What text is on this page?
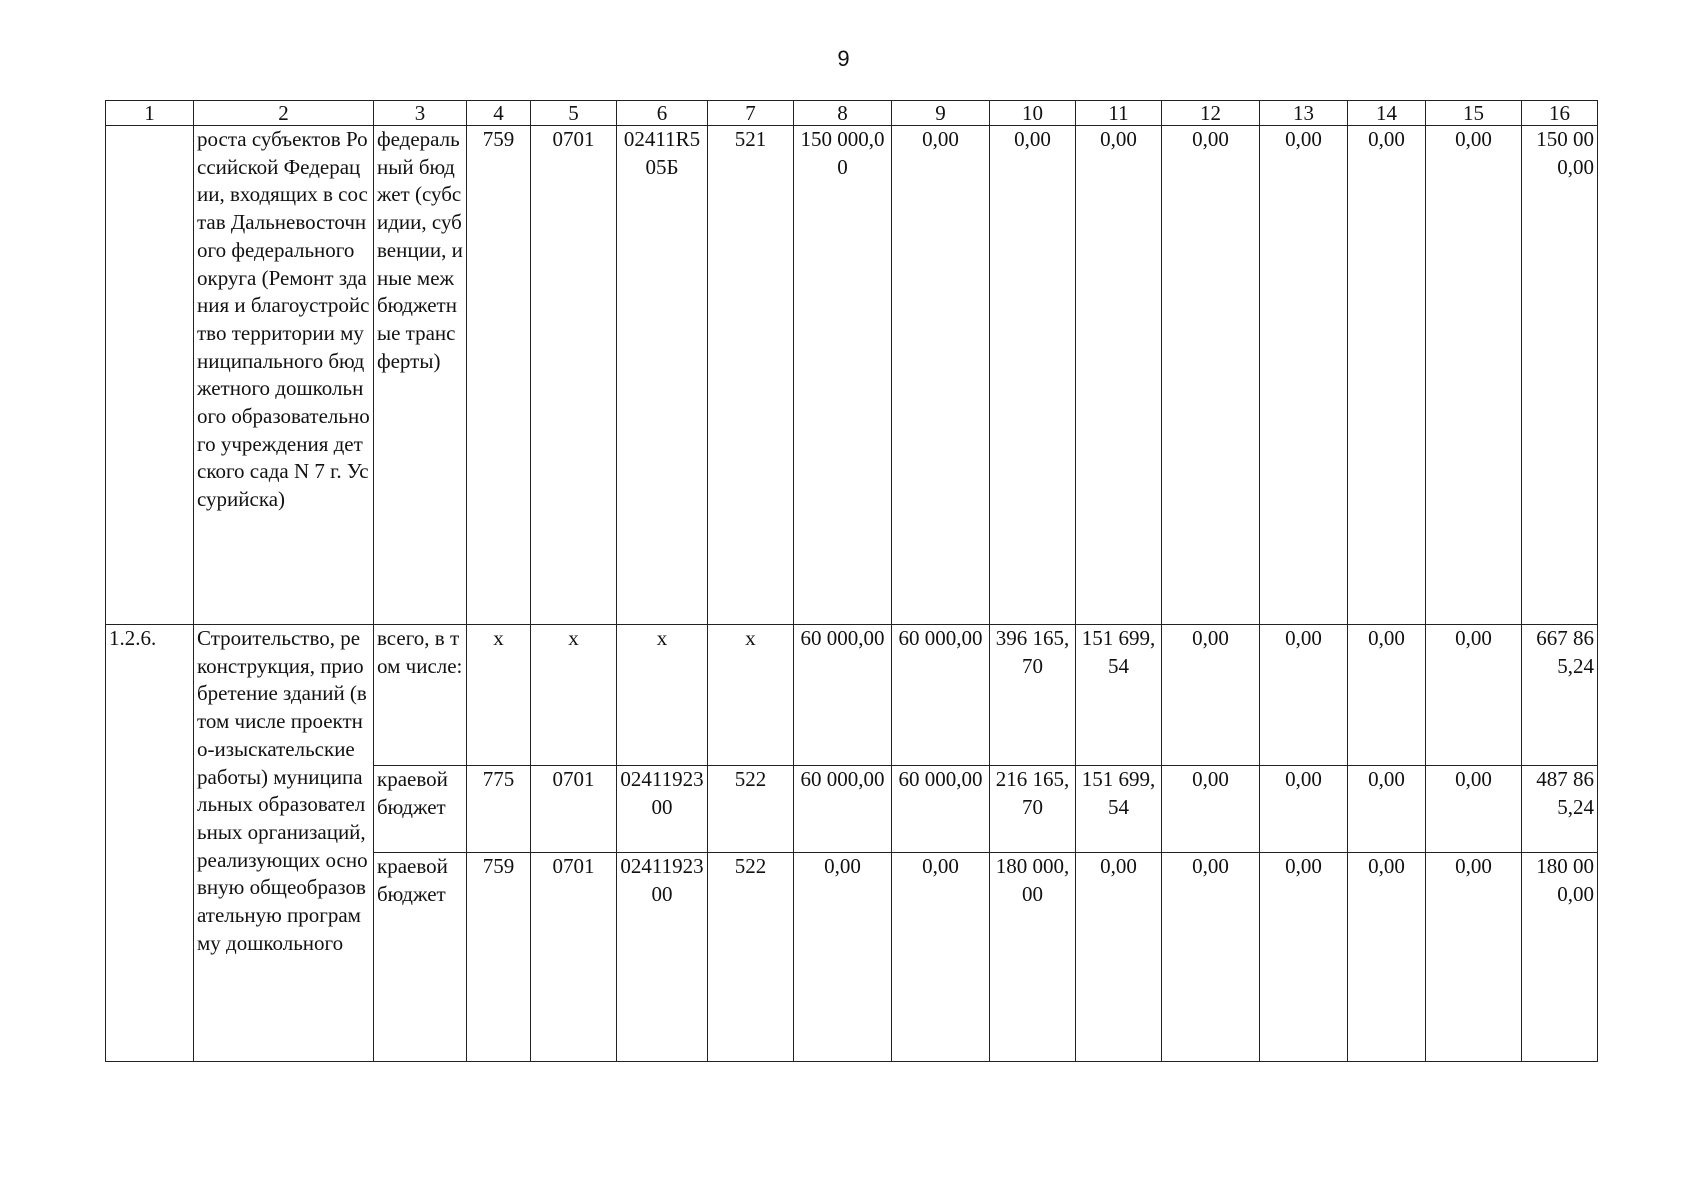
9
1	2	3	4	5	6	7	8	9	10	11	12	13	14	15	16
	роста субъектов Российской Федерации, входящих в состав Дальневосточного федерального округа (Ремонт здания и благоустройство территории муниципального бюджетного дошкольного образовательного учреждения детского сада N 7 г. Уссурийска)	федеральный бюджет (субсидии, субвенции, иные межбюджетные трансферты)	759	0701	02411R505Б	521	150 000,00	0,00	0,00	0,00	0,00	0,00	0,00	0,00	150 000,00
1.2.6.	Строительство, реконструкция, приобретение зданий (в том числе проектно-изыскательские работы) муниципальных образовательных организаций, реализующих основную общеобразовательную программу дошкольного	всего, в том числе:	x	x	x	x	60 000,00	60 000,00	396 165,70	151 699,54	0,00	0,00	0,00	0,00	667 865,24
		краевой бюджет	775	0701	0241192300	522	60 000,00	60 000,00	216 165,70	151 699,54	0,00	0,00	0,00	0,00	487 865,24
		краевой бюджет	759	0701	0241192300	522	0,00	0,00	180 000,00	0,00	0,00	0,00	0,00	0,00	180 000,00
